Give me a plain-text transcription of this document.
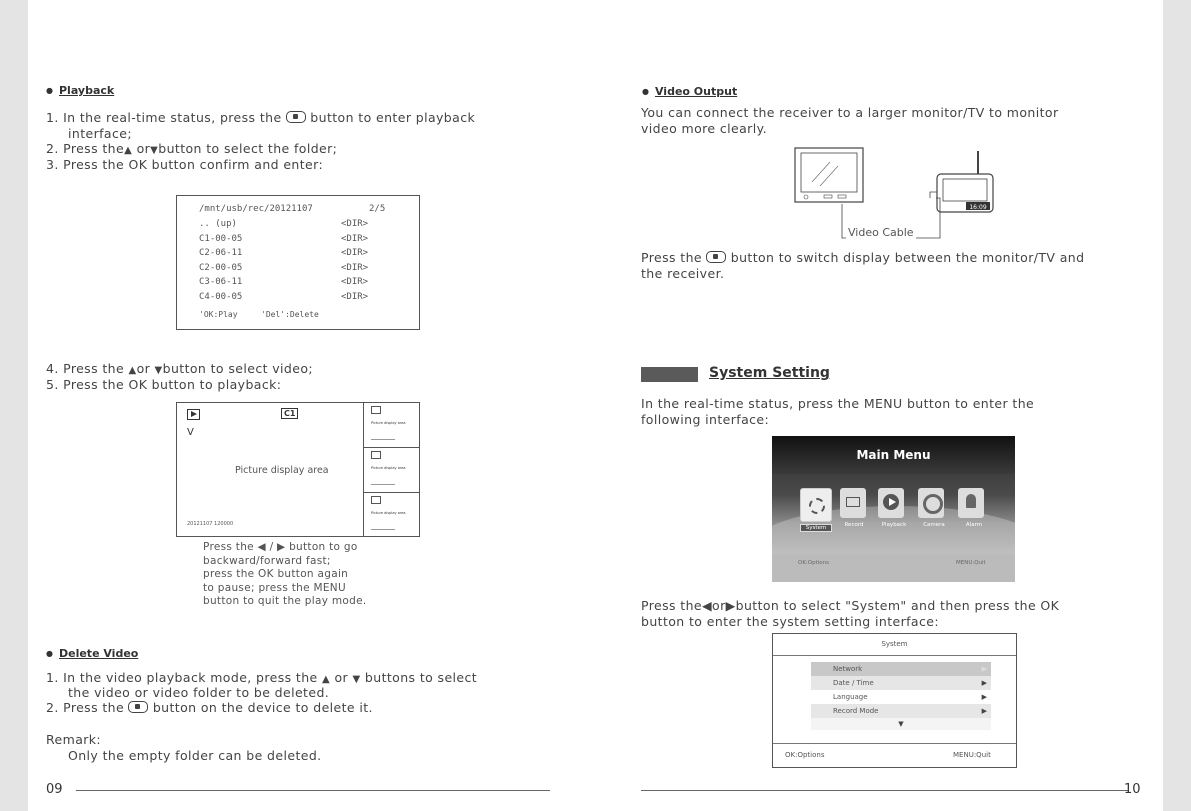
● Playback
1. In the real-time status, press the button to enter playback
interface;
2. Press the▲ or▼button to select the folder;
3. Press the OK button confirm and enter:
/mnt/usb/rec/20121107	2/5
.. (up)	<DIR>
C1-00-05	<DIR>
C2-06-11	<DIR>
C2-00-05	<DIR>
C3-06-11	<DIR>
C4-00-05	<DIR>
'OK:Play	'Del':Delete
4. Press the ▲or ▼button to select video;
5. Press the OK button to playback:
C1
V
Picture display area
20121107 120000
Picture display area
Picture display area
Picture display area
Press the ◀ / ▶ button to go
backward/forward fast;
press the OK button again
to pause; press the MENU
button to quit the play mode.
● Delete Video
1. In the video playback mode, press the ▲ or ▼ buttons to select
the video or video folder to be deleted.
2. Press the button on the device to delete it.
Remark:
Only the empty folder can be deleted.
09
● Video Output
You can connect the receiver to a larger monitor/TV to monitor
video more clearly.
16:09
Video Cable
Press the button to switch display between the monitor/TV and
the receiver.
System Setting
In the real-time status, press the MENU button to enter the
following interface:
Main Menu
System	Record	Playback	Camera	Alarm
OK:Options	MENU:Quit
Press the◀or▶button to select "System" and then press the OK
button to enter the system setting interface:
System
Network	▶
Date / Time	▶
Language	▶
Record Mode	▶
▼
OK:Options	MENU:Quit
10
